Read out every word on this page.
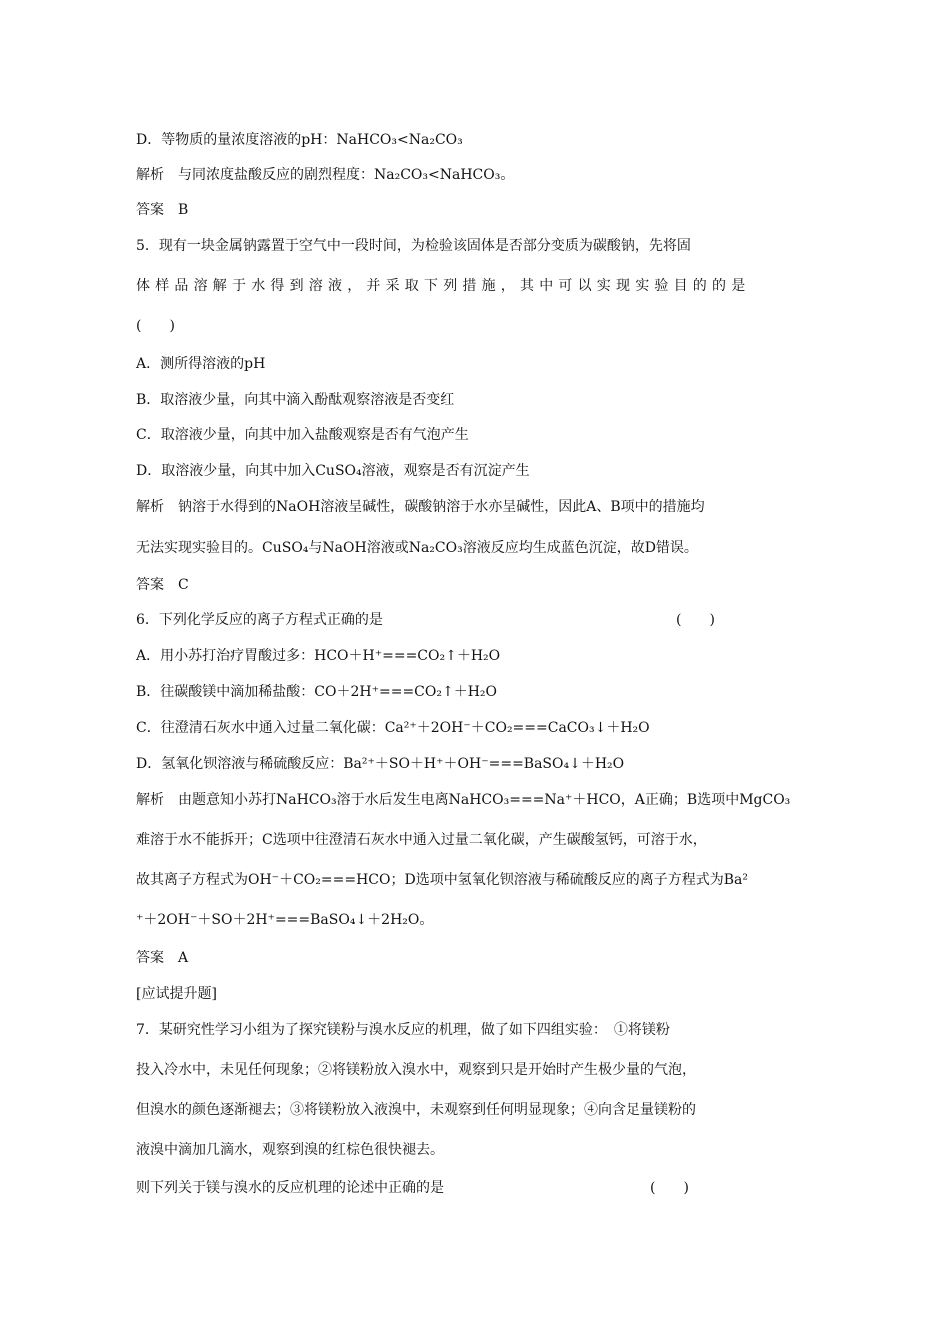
D．等物质的量浓度溶液的pH：NaHCO₃<Na₂CO₃
解析　与同浓度盐酸反应的剧烈程度：Na₂CO₃<NaHCO₃。
答案　B
5．现有一块金属钠露置于空气中一段时间，为检验该固体是否部分变质为碳酸钠，先将固
体样品溶解于水得到溶液，并采取下列措施，其中可以实现实验目的的是
(　　)
A．测所得溶液的pH
B．取溶液少量，向其中滴入酚酞观察溶液是否变红
C．取溶液少量，向其中加入盐酸观察是否有气泡产生
D．取溶液少量，向其中加入CuSO₄溶液，观察是否有沉淀产生
解析　钠溶于水得到的NaOH溶液呈碱性，碳酸钠溶于水亦呈碱性，因此A、B项中的措施均
无法实现实验目的。CuSO₄与NaOH溶液或Na₂CO₃溶液反应均生成蓝色沉淀，故D错误。
答案　C
6．下列化学反应的离子方程式正确的是	(　　)
A．用小苏打治疗胃酸过多：HCO＋H⁺===CO₂↑＋H₂O
B．往碳酸镁中滴加稀盐酸：CO＋2H⁺===CO₂↑＋H₂O
C．往澄清石灰水中通入过量二氧化碳：Ca²⁺＋2OH⁻＋CO₂===CaCO₃↓＋H₂O
D．氢氧化钡溶液与稀硫酸反应：Ba²⁺＋SO＋H⁺＋OH⁻===BaSO₄↓＋H₂O
解析　由题意知小苏打NaHCO₃溶于水后发生电离NaHCO₃===Na⁺＋HCO，A正确；B选项中MgCO₃
难溶于水不能拆开；C选项中往澄清石灰水中通入过量二氧化碳，产生碳酸氢钙，可溶于水，
故其离子方程式为OH⁻＋CO₂===HCO；D选项中氢氧化钡溶液与稀硫酸反应的离子方程式为Ba²
⁺＋2OH⁻＋SO＋2H⁺===BaSO₄↓＋2H₂O。
答案　A
[应试提升题]
7．某研究性学习小组为了探究镁粉与溴水反应的机理，做了如下四组实验：　①将镁粉
投入冷水中，未见任何现象；②将镁粉放入溴水中，观察到只是开始时产生极少量的气泡，
但溴水的颜色逐渐褪去；③将镁粉放入液溴中，未观察到任何明显现象；④向含足量镁粉的
液溴中滴加几滴水，观察到溴的红棕色很快褪去。
则下列关于镁与溴水的反应机理的论述中正确的是	(　　)
